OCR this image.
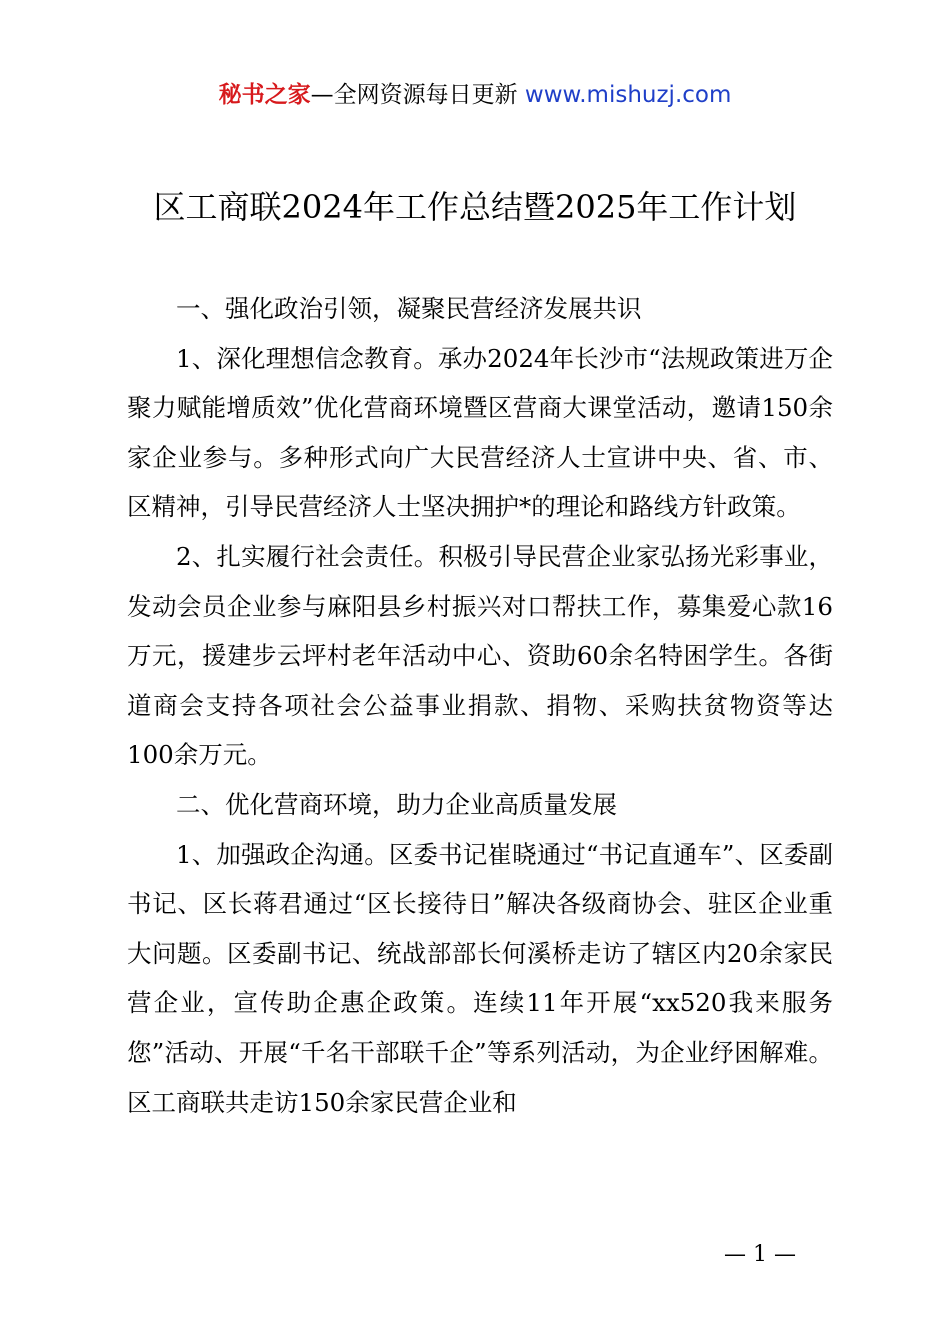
秘书之家—全网资源每日更新 www.mishuzj.com
区工商联2024年工作总结暨2025年工作计划

一、强化政治引领，凝聚民营经济发展共识

1、深化理想信念教育。承办2024年长沙市“法规政策进万企聚力赋能增质效”优化营商环境暨区营商大课堂活动，邀请150余家企业参与。多种形式向广大民营经济人士宣讲中央、省、市、区精神，引导民营经济人士坚决拥护*的理论和路线方针政策。

2、扎实履行社会责任。积极引导民营企业家弘扬光彩事业，发动会员企业参与麻阳县乡村振兴对口帮扶工作，募集爱心款16万元，援建步云坪村老年活动中心、资助60余名特困学生。各街道商会支持各项社会公益事业捐款、捐物、采购扶贫物资等达100余万元。

二、优化营商环境，助力企业高质量发展

1、加强政企沟通。区委书记崔晓通过“书记直通车”、区委副书记、区长蒋君通过“区长接待日”解决各级商协会、驻区企业重大问题。区委副书记、统战部部长何溪桥走访了辖区内20余家民营企业，宣传助企惠企政策。连续11年开展“xx520我来服务您”活动、开展“千名干部联千企”等系列活动，为企业纾困解难。区工商联共走访150余家民营企业和

— 1 —
